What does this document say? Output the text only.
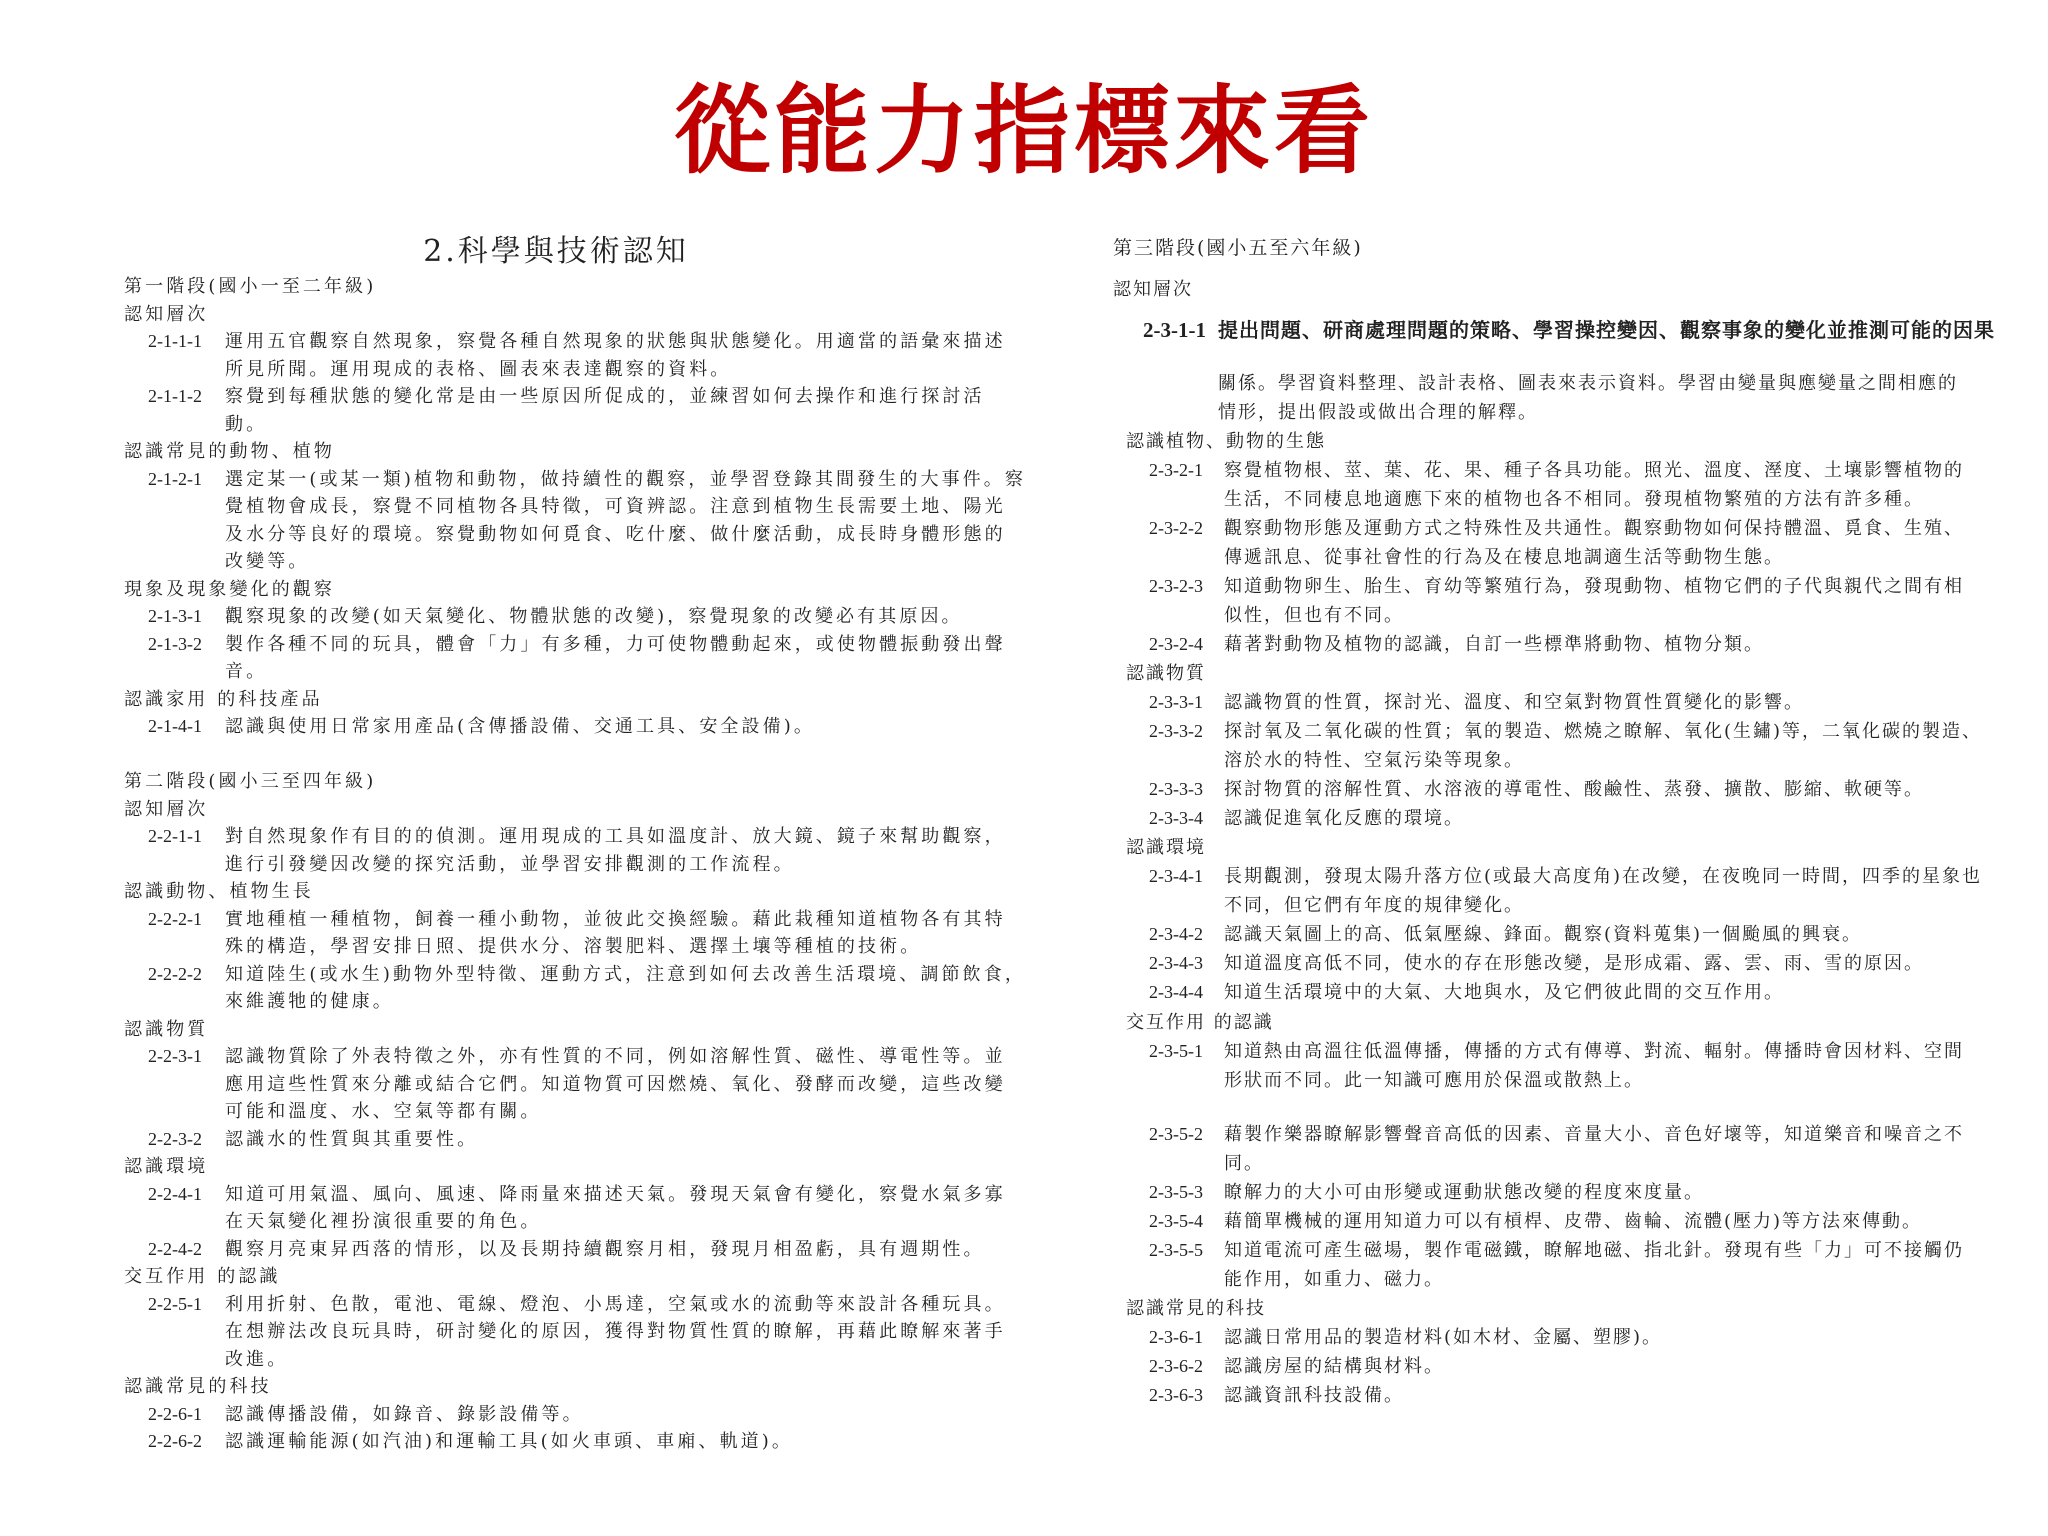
從能力指標來看
2.科學與技術認知
第一階段(國小一至二年級)
認知層次
2-1-1-1	運用五官觀察自然現象，察覺各種自然現象的狀態與狀態變化。用適當的語彙來描述
所見所聞。運用現成的表格、圖表來表達觀察的資料。
2-1-1-2	察覺到每種狀態的變化常是由一些原因所促成的，並練習如何去操作和進行探討活
動。
認識常見的動物、植物
2-1-2-1	選定某一(或某一類)植物和動物，做持續性的觀察，並學習登錄其間發生的大事件。察
覺植物會成長，察覺不同植物各具特徵，可資辨認。注意到植物生長需要土地、陽光
及水分等良好的環境。察覺動物如何覓食、吃什麼、做什麼活動，成長時身體形態的
改變等。
現象及現象變化的觀察
2-1-3-1	觀察現象的改變(如天氣變化、物體狀態的改變)，察覺現象的改變必有其原因。
2-1-3-2	製作各種不同的玩具，體會「力」有多種，力可使物體動起來，或使物體振動發出聲
音。
認識家用 的科技產品
2-1-4-1	認識與使用日常家用產品(含傳播設備、交通工具、安全設備)。
第二階段(國小三至四年級)
認知層次
2-2-1-1	對自然現象作有目的的偵測。運用現成的工具如溫度計、放大鏡、鏡子來幫助觀察，
進行引發變因改變的探究活動，並學習安排觀測的工作流程。
認識動物、植物生長
2-2-2-1	實地種植一種植物，飼養一種小動物，並彼此交換經驗。藉此栽種知道植物各有其特
殊的構造，學習安排日照、提供水分、溶製肥料、選擇土壤等種植的技術。
2-2-2-2	知道陸生(或水生)動物外型特徵、運動方式，注意到如何去改善生活環境、調節飲食，
來維護牠的健康。
認識物質
2-2-3-1	認識物質除了外表特徵之外，亦有性質的不同，例如溶解性質、磁性、導電性等。並
應用這些性質來分離或結合它們。知道物質可因燃燒、氧化、發酵而改變，這些改變
可能和溫度、水、空氣等都有關。
2-2-3-2	認識水的性質與其重要性。
認識環境
2-2-4-1	知道可用氣溫、風向、風速、降雨量來描述天氣。發現天氣會有變化，察覺水氣多寡
在天氣變化裡扮演很重要的角色。
2-2-4-2	觀察月亮東昇西落的情形，以及長期持續觀察月相，發現月相盈虧，具有週期性。
交互作用 的認識
2-2-5-1	利用折射、色散，電池、電線、燈泡、小馬達，空氣或水的流動等來設計各種玩具。
在想辦法改良玩具時，研討變化的原因，獲得對物質性質的瞭解，再藉此瞭解來著手
改進。
認識常見的科技
2-2-6-1	認識傳播設備，如錄音、錄影設備等。
2-2-6-2	認識運輸能源(如汽油)和運輸工具(如火車頭、車廂、軌道)。
第三階段(國小五至六年級)
認知層次
2-3-1-1 提出問題、研商處理問題的策略、學習操控變因、觀察事象的變化並推測可能的因果
關係。學習資料整理、設計表格、圖表來表示資料。學習由變量與應變量之間相應的
情形，提出假設或做出合理的解釋。
認識植物、動物的生態
2-3-2-1	察覺植物根、莖、葉、花、果、種子各具功能。照光、溫度、溼度、土壤影響植物的
生活，不同棲息地適應下來的植物也各不相同。發現植物繁殖的方法有許多種。
2-3-2-2	觀察動物形態及運動方式之特殊性及共通性。觀察動物如何保持體溫、覓食、生殖、
傳遞訊息、從事社會性的行為及在棲息地調適生活等動物生態。
2-3-2-3	知道動物卵生、胎生、育幼等繁殖行為，發現動物、植物它們的子代與親代之間有相
似性，但也有不同。
2-3-2-4	藉著對動物及植物的認識，自訂一些標準將動物、植物分類。
認識物質
2-3-3-1	認識物質的性質，探討光、溫度、和空氣對物質性質變化的影響。
2-3-3-2	探討氧及二氧化碳的性質；氧的製造、燃燒之瞭解、氧化(生鏽)等，二氧化碳的製造、
溶於水的特性、空氣污染等現象。
2-3-3-3	探討物質的溶解性質、水溶液的導電性、酸鹼性、蒸發、擴散、膨縮、軟硬等。
2-3-3-4	認識促進氧化反應的環境。
認識環境
2-3-4-1	長期觀測，發現太陽升落方位(或最大高度角)在改變，在夜晚同一時間，四季的星象也
不同，但它們有年度的規律變化。
2-3-4-2	認識天氣圖上的高、低氣壓線、鋒面。觀察(資料蒐集)一個颱風的興衰。
2-3-4-3	知道溫度高低不同，使水的存在形態改變，是形成霜、露、雲、雨、雪的原因。
2-3-4-4	知道生活環境中的大氣、大地與水，及它們彼此間的交互作用。
交互作用 的認識
2-3-5-1	知道熱由高溫往低溫傳播，傳播的方式有傳導、對流、輻射。傳播時會因材料、空間
形狀而不同。此一知識可應用於保溫或散熱上。
2-3-5-2	藉製作樂器瞭解影響聲音高低的因素、音量大小、音色好壞等，知道樂音和噪音之不
同。
2-3-5-3	瞭解力的大小可由形變或運動狀態改變的程度來度量。
2-3-5-4	藉簡單機械的運用知道力可以有槓桿、皮帶、齒輪、流體(壓力)等方法來傳動。
2-3-5-5	知道電流可產生磁場，製作電磁鐵，瞭解地磁、指北針。發現有些「力」可不接觸仍
能作用，如重力、磁力。
認識常見的科技
2-3-6-1	認識日常用品的製造材料(如木材、金屬、塑膠)。
2-3-6-2	認識房屋的結構與材料。
2-3-6-3	認識資訊科技設備。
